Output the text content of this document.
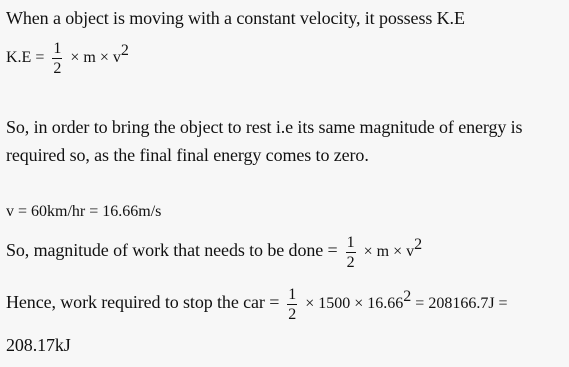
When a object is moving with a constant velocity, it possess K.E
$K.E = \frac{1}{2} \times m \times v^2$
So, in order to bring the object to rest i.e its same magnitude of energy is
required so, as the final final energy comes to zero.
v = 60km/hr = 16.66m/s
So, magnitude of work that needs to be done = $\frac{1}{2} \times m \times v^2$
Hence, work required to stop the car = $\frac{1}{2} \times 1500 \times 16.66^2 = 208166.7J$ =
208.17kJ
